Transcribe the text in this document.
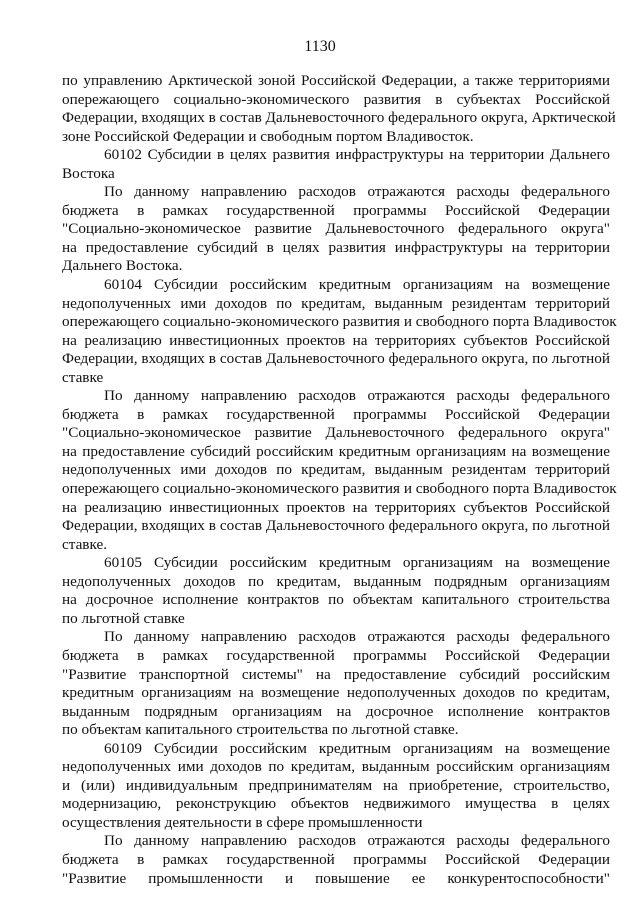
1130

по управлению Арктической зоной Российской Федерации, а также территориями
опережающего социально-экономического развития в субъектах Российской
Федерации, входящих в состав Дальневосточного федерального округа, Арктической
зоне Российской Федерации и свободным портом Владивосток.

60102 Субсидии в целях развития инфраструктуры на территории Дальнего
Востока

По данному направлению расходов отражаются расходы федерального
бюджета в рамках государственной программы Российской Федерации
"Социально-экономическое развитие Дальневосточного федерального округа"
на предоставление субсидий в целях развития инфраструктуры на территории
Дальнего Востока.

60104 Субсидии российским кредитным организациям на возмещение
недополученных ими доходов по кредитам, выданным резидентам территорий
опережающего социально-экономического развития и свободного порта Владивосток
на реализацию инвестиционных проектов на территориях субъектов Российской
Федерации, входящих в состав Дальневосточного федерального округа, по льготной
ставке

По данному направлению расходов отражаются расходы федерального
бюджета в рамках государственной программы Российской Федерации
"Социально-экономическое развитие Дальневосточного федерального округа"
на предоставление субсидий российским кредитным организациям на возмещение
недополученных ими доходов по кредитам, выданным резидентам территорий
опережающего социально-экономического развития и свободного порта Владивосток
на реализацию инвестиционных проектов на территориях субъектов Российской
Федерации, входящих в состав Дальневосточного федерального округа, по льготной
ставке.

60105 Субсидии российским кредитным организациям на возмещение
недополученных доходов по кредитам, выданным подрядным организациям
на досрочное исполнение контрактов по объектам капитального строительства
по льготной ставке

По данному направлению расходов отражаются расходы федерального
бюджета в рамках государственной программы Российской Федерации
"Развитие транспортной системы" на предоставление субсидий российским
кредитным организациям на возмещение недополученных доходов по кредитам,
выданным подрядным организациям на досрочное исполнение контрактов
по объектам капитального строительства по льготной ставке.

60109 Субсидии российским кредитным организациям на возмещение
недополученных ими доходов по кредитам, выданным российским организациям
и (или) индивидуальным предпринимателям на приобретение, строительство,
модернизацию, реконструкцию объектов недвижимого имущества в целях
осуществления деятельности в сфере промышленности

По данному направлению расходов отражаются расходы федерального
бюджета в рамках государственной программы Российской Федерации
"Развитие промышленности и повышение ее конкурентоспособности"
